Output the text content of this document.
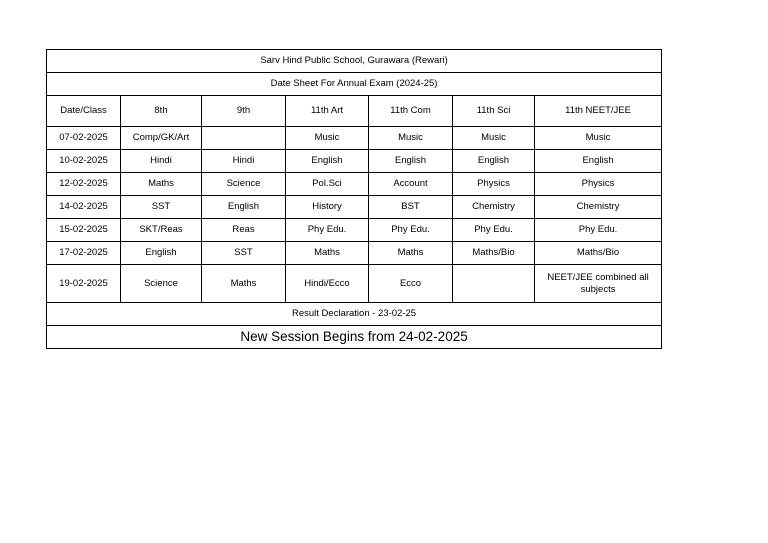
Sarv Hind Public School, Gurawara (Rewari)						
Date Sheet For Annual Exam (2024-25)						
Date/Class	8th	9th	11th Art	11th Com	11th Sci	11th NEET/JEE
07-02-2025	Comp/GK/Art		Music	Music	Music	Music
10-02-2025	Hindi	Hindi	English	English	English	English
12-02-2025	Maths	Science	Pol.Sci	Account	Physics	Physics
14-02-2025	SST	English	History	BST	Chemistry	Chemistry
15-02-2025	SKT/Reas	Reas	Phy Edu.	Phy Edu.	Phy Edu.	Phy Edu.
17-02-2025	English	SST	Maths	Maths	Maths/Bio	Maths/Bio
19-02-2025	Science	Maths	Hindi/Ecco	Ecco		NEET/JEE combined all subjects
Result Declaration - 23-02-25						
New Session Begins from 24-02-2025						
